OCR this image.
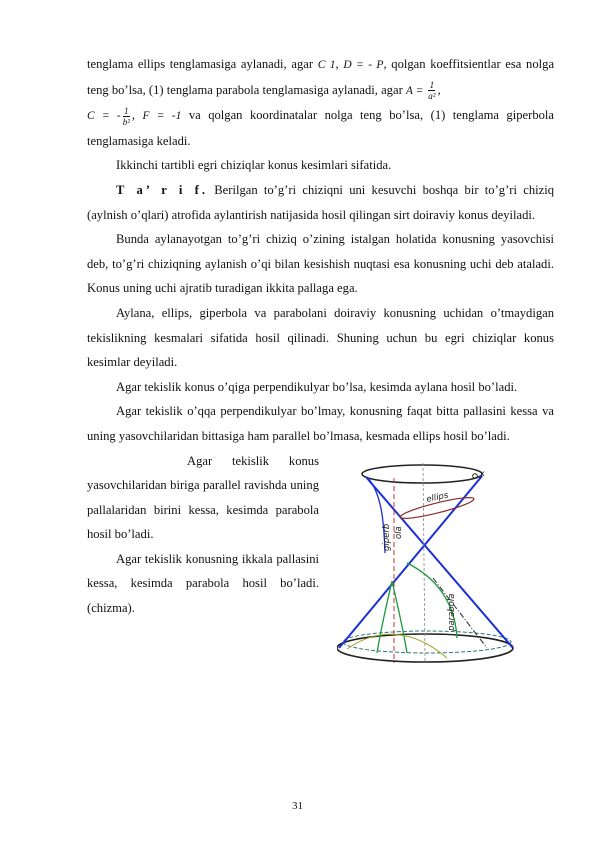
tenglama ellips tenglamasiga aylanadi, agar C 1, D = - P, qolgan koeffitsientlar esa nolga teng bo’lsa, (1) tenglama parabola tenglamasiga aylanadi, agar $A = \frac{1}{\text{a²}}$ ,
C = - $\frac{1}{\text{b²}}$ , F = -1 va qolgan koordinatalar nolga teng bo’lsa, (1) tenglama giperbola tenglamasiga keladi.

Ikkinchi tartibli egri chiziqlar konus kesimlari sifatida.

T a’ r i f. Berilgan to’g’ri chiziqni uni kesuvchi boshqa bir to’g’ri chiziq (aylnish o’qlari) atrofida aylantirish natijasida hosil qilingan sirt doiraviy konus deyiladi.

Bunda aylanayotgan to’g’ri chiziq o’zining istalgan holatida konusning yasovchisi deb, to’g’ri chiziqning aylanish o’qi bilan kesishish nuqtasi esa konusning uchi deb ataladi. Konus uning uchi ajratib turadigan ikkita pallaga ega.

Aylana, ellips, giperbola va parabolani doiraviy konusning uchidan o’tmaydigan tekislikning kesmalari sifatida hosil qilinadi. Shuning uchun bu egri chiziqlar konus kesimlar deyiladi.

Agar tekislik konus o’qiga perpendikulyar bo’lsa, kesimda aylana hosil bo’ladi.

Agar tekislik o’qqa perpendikulyar bo’lmay, konusning faqat bitta pallasini kessa va uning yasovchilaridan bittasiga ham parallel bo’lmasa, kesmada ellips hosil bo’ladi.

Agar tekislik konus yasovchilaridan biriga parallel ravishda uning pallalaridan birini kessa, kesimda parabola hosil bo’ladi.

Agar tekislik konusning ikkala pallasini kessa, kesimda parabola hosil bo’ladi. (chizma).

x
ellips
giperb ola
parabola
31
